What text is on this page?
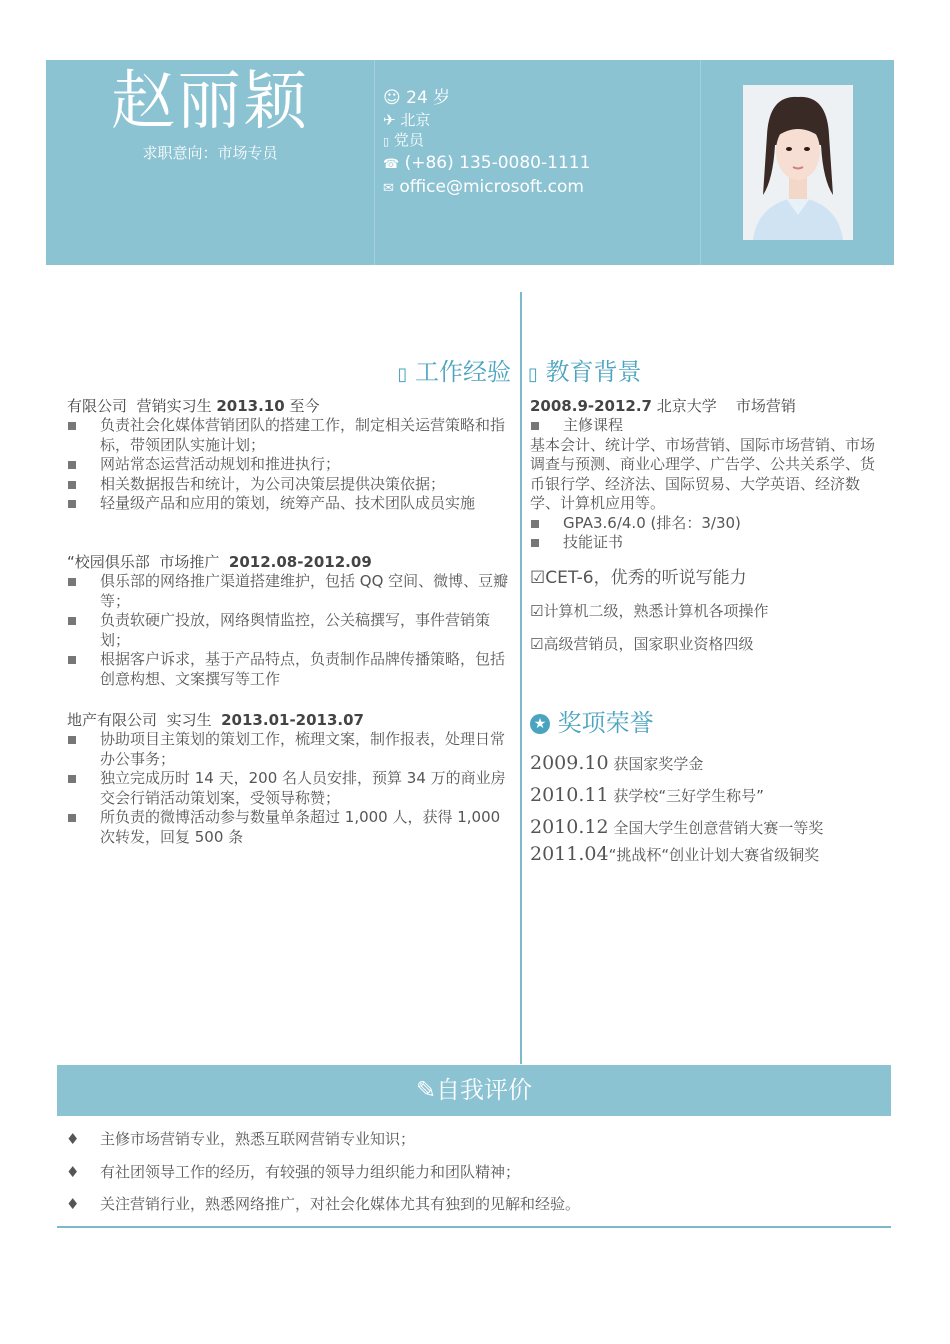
赵丽颖
求职意向：市场专员
☺ 24 岁
✈ 北京
▯ 党员
☎ (+86) 135-0080-1111
✉ office@microsoft.com
▯ 工作经验
有限公司 营销实习生 2013.10 至今
负责社会化媒体营销团队的搭建工作，制定相关运营策略和指标，带领团队实施计划；
网站常态运营活动规划和推进执行；
相关数据报告和统计，为公司决策层提供决策依据；
轻量级产品和应用的策划，统筹产品、技术团队成员实施
“校园俱乐部 市场推广 2012.08-2012.09
俱乐部的网络推广渠道搭建维护，包括 QQ 空间、微博、豆瓣等；
负责软硬广投放，网络舆情监控，公关稿撰写，事件营销策划；
根据客户诉求，基于产品特点，负责制作品牌传播策略，包括创意构想、文案撰写等工作
地产有限公司 实习生 2013.01-2013.07
协助项目主策划的策划工作，梳理文案，制作报表，处理日常办公事务；
独立完成历时 14 天，200 名人员安排，预算 34 万的商业房交会行销活动策划案，受领导称赞；
所负责的微博活动参与数量单条超过 1,000 人，获得 1,000 次转发，回复 500 条
▯ 教育背景
2008.9-2012.7 北京大学 市场营销
主修课程
基本会计、统计学、市场营销、国际市场营销、市场调查与预测、商业心理学、广告学、公共关系学、货币银行学、经济法、国际贸易、大学英语、经济数学、计算机应用等。
GPA3.6/4.0 (排名：3/30)
技能证书
☑CET-6，优秀的听说写能力
☑计算机二级，熟悉计算机各项操作
☑高级营销员，国家职业资格四级
★ 奖项荣誉
2009.10 获国家奖学金
2010.11 获学校“三好学生称号”
2010.12 全国大学生创意营销大赛一等奖
2011.04“挑战杯“创业计划大赛省级铜奖
✎自我评价
♦ 主修市场营销专业，熟悉互联网营销专业知识；
♦ 有社团领导工作的经历，有较强的领导力组织能力和团队精神；
♦ 关注营销行业，熟悉网络推广，对社会化媒体尤其有独到的见解和经验。
